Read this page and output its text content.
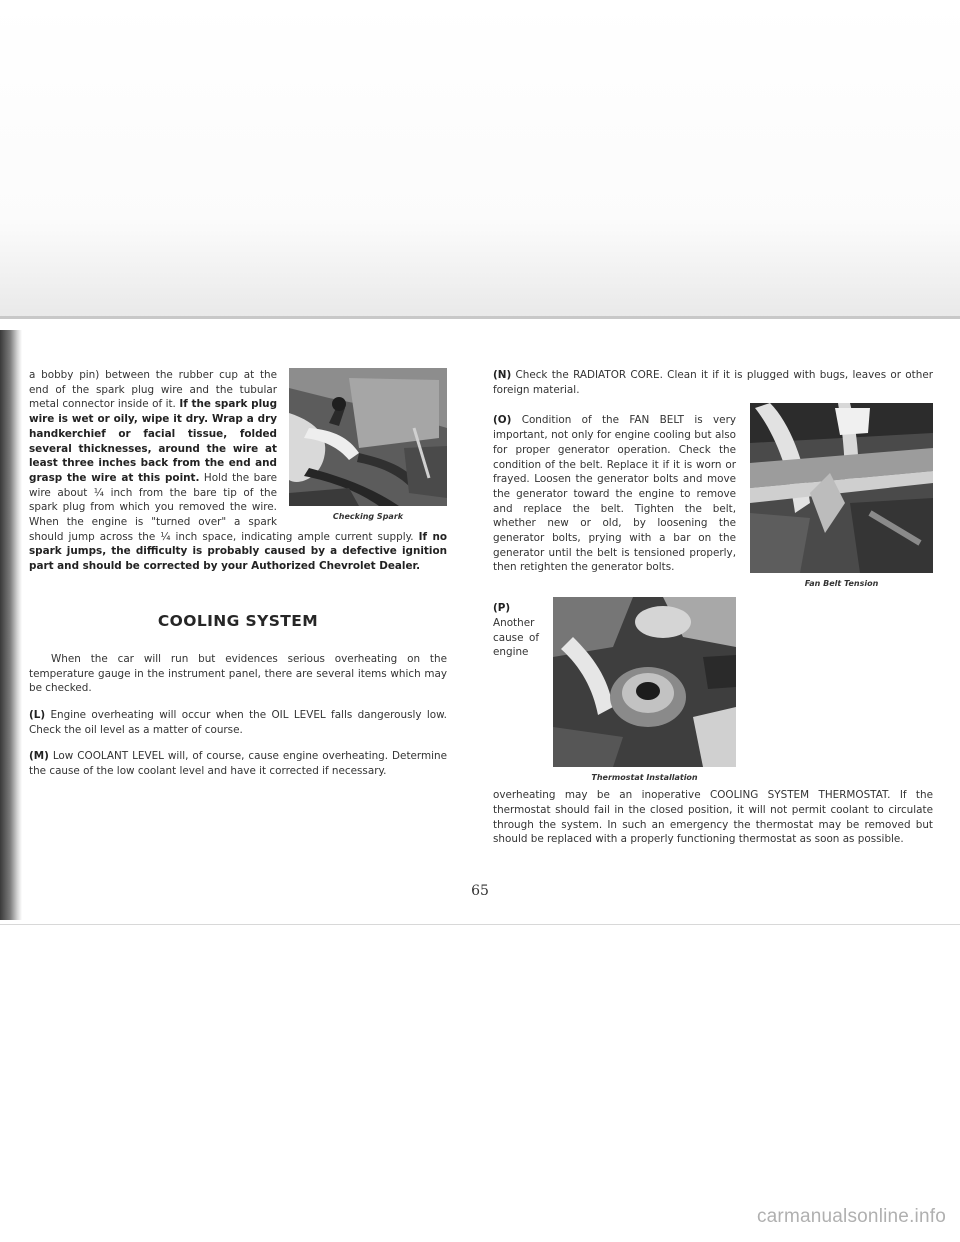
Checking Spark

a bobby pin) between the rubber cup at the end of the spark plug wire and the tubular metal connector inside of it. If the spark plug wire is wet or oily, wipe it dry. Wrap a dry handkerchief or facial tissue, folded several thicknesses, around the wire at least three inches back from the end and grasp the wire at this point. Hold the bare wire about ¼ inch from the bare tip of the spark plug from which you removed the wire. When the engine is "turned over" a spark should jump across the ¼ inch space, indicating ample current supply. If no spark jumps, the difficulty is probably caused by a defective ignition part and should be corrected by your Authorized Chevrolet Dealer.

COOLING SYSTEM

When the car will run but evidences serious overheating on the temperature gauge in the instrument panel, there are several items which may be checked.

(L) Engine overheating will occur when the OIL LEVEL falls dangerously low. Check the oil level as a matter of course.

(M) Low COOLANT LEVEL will, of course, cause engine overheating. Determine the cause of the low coolant level and have it corrected if necessary.

(N) Check the RADIATOR CORE. Clean it if it is plugged with bugs, leaves or other foreign material.

Fan Belt Tension

(O) Condition of the FAN BELT is very important, not only for engine cooling but also for proper generator operation. Check the condition of the belt. Replace it if it is worn or frayed. Loosen the generator bolts and move the generator toward the engine to remove and replace the belt. Tighten the belt, whether new or old, by loosening the generator bolts, prying with a bar on the generator until the belt is tensioned properly, then retighten the generator bolts.

Thermostat Installation

(P) Another cause of engine overheating may be an inoperative COOLING SYSTEM THERMOSTAT. If the thermostat should fail in the closed position, it will not permit coolant to circulate through the system. In such an emergency the thermostat may be removed but should be replaced with a properly functioning thermostat as soon as possible.

65
carmanualsonline.info
